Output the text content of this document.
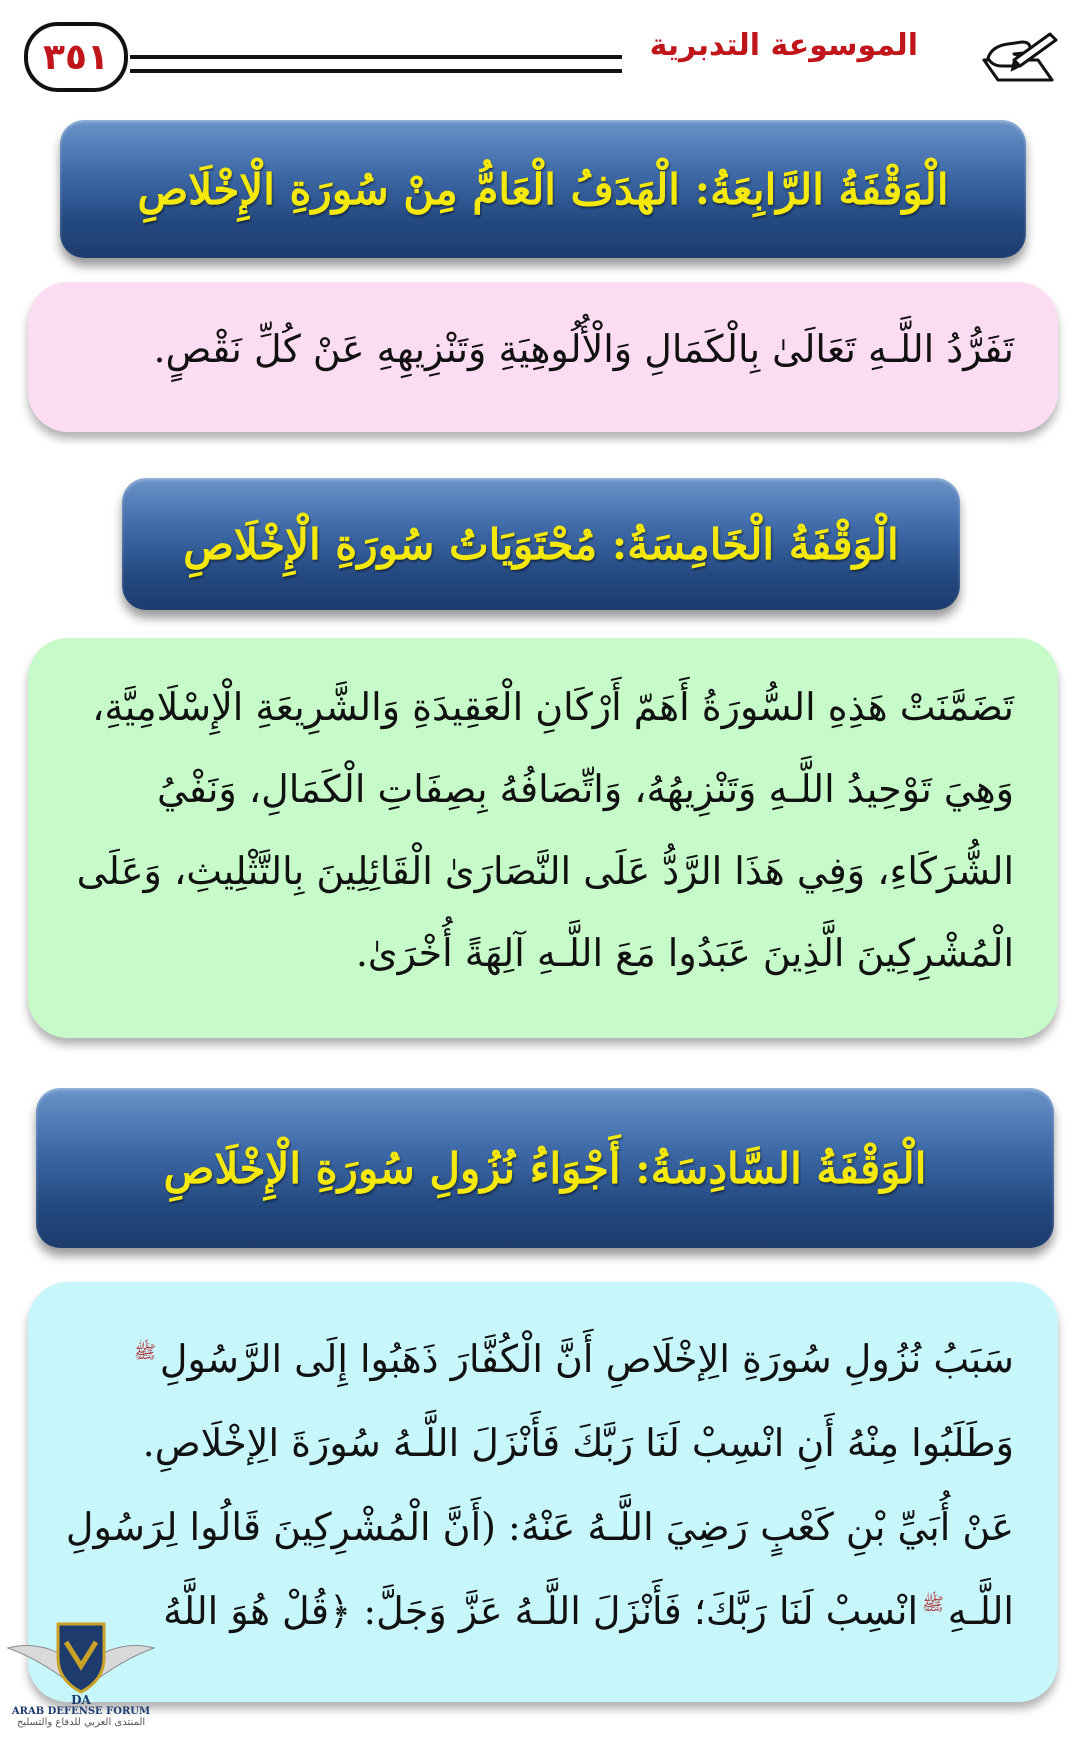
٣٥١	الموسوعة التدبرية
الْوَقْفَةُ الرَّابِعَةُ: الْهَدَفُ الْعَامُّ مِنْ سُورَةِ الْإِخْلَاصِ
تَفَرُّدُ اللَّـهِ تَعَالَىٰ بِالْكَمَالِ وَالْأُلُوهِيَةِ وَتَنْزِيهِهِ عَنْ كُلِّ نَقْصٍ.
الْوَقْفَةُ الْخَامِسَةُ: مُحْتَوَيَاتُ سُورَةِ الْإِخْلَاصِ
تَضَمَّنَتْ هَذِهِ السُّورَةُ أَهَمّ أَرْكَانِ الْعَقِيدَةِ وَالشَّرِيعَةِ الْإِسْلَامِيَّةِ،
وَهِيَ تَوْحِيدُ اللَّـهِ وَتَنْزِيهُهُ، وَاتِّصَافُهُ بِصِفَاتِ الْكَمَالِ، وَنَفْيُ
الشُّرَكَاءِ، وَفِي هَذَا الرَّدُّ عَلَى النَّصَارَىٰ الْقَائِلِينَ بِالتَّثْلِيثِ، وَعَلَى
الْمُشْرِكِينَ الَّذِينَ عَبَدُوا مَعَ اللَّـهِ آلِهَةً أُخْرَىٰ.
الْوَقْفَةُ السَّادِسَةُ: أَجْوَاءُ نُزُولِ سُورَةِ الْإِخْلَاصِ
سَبَبُ نُزُولِ سُورَةِ الِإخْلَاصِ أَنَّ الْكُفَّارَ ذَهَبُوا إِلَى الرَّسُولِ$^ﷺ$
وَطَلَبُوا مِنْهُ أَنِ انْسِبْ لَنَا رَبَّكَ فَأَنْزَلَ اللَّـهُ سُورَةَ الِإخْلَاصِ.
عَنْ أُبَيِّ بْنِ كَعْبٍ رَضِيَ اللَّـهُ عَنْهُ: (أَنَّ الْمُشْرِكِينَ قَالُوا لِرَسُولِ
اللَّـهِ$^ﷺ$انْسِبْ لَنَا رَبَّكَ؛ فَأَنْزَلَ اللَّـهُ عَزَّ وَجَلَّ: ﴿قُلْ هُوَ اللَّهُ
DA
ARAB DEFENSE FORUM
المنتدى العربي للدفاع والتسليح
